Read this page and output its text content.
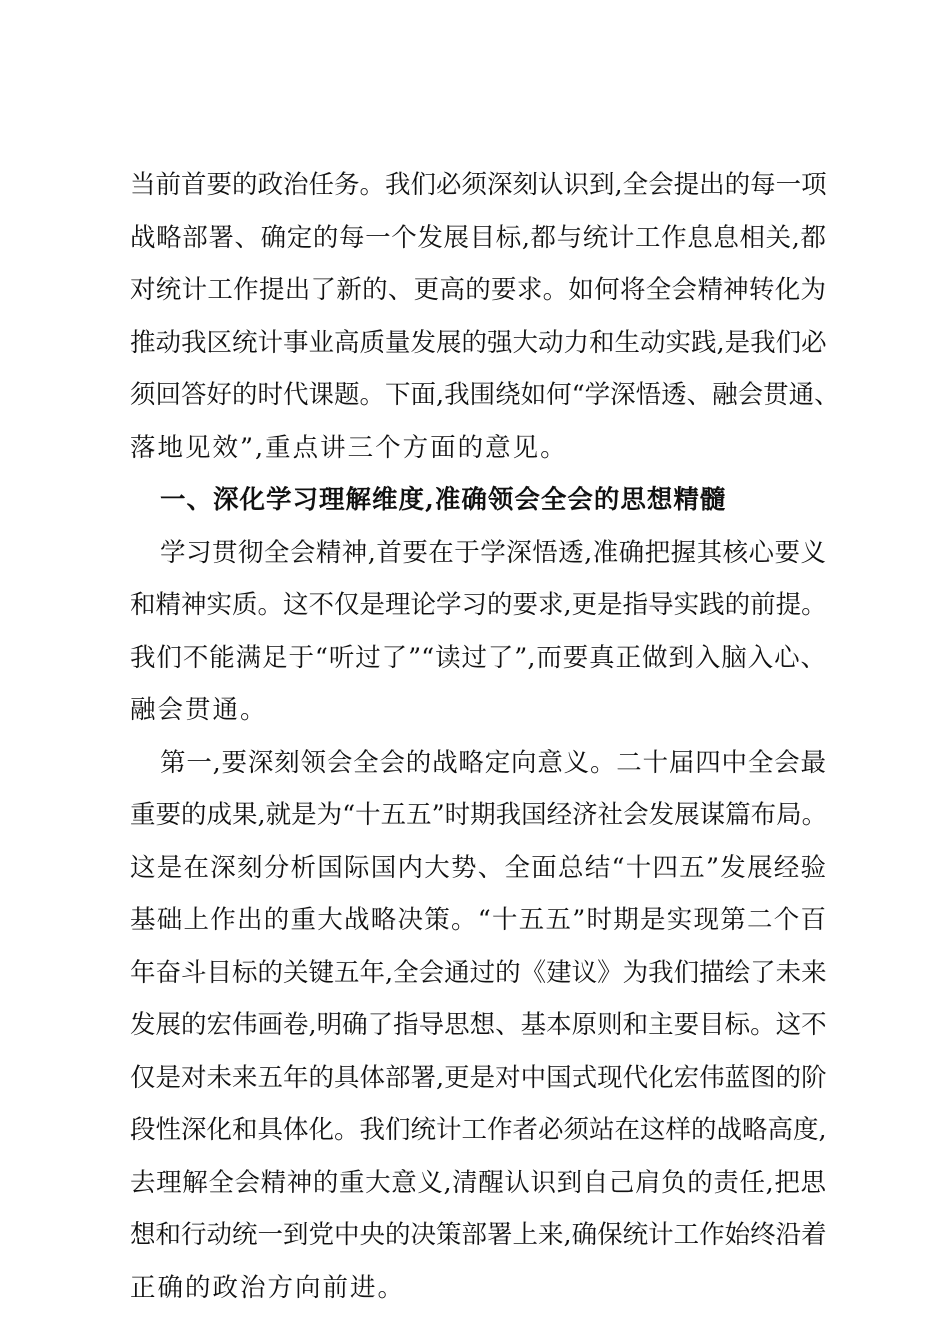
当前首要的政治任务。我们必须深刻认识到,全会提出的每一项
战略部署、确定的每一个发展目标,都与统计工作息息相关,都
对统计工作提出了新的、更高的要求。如何将全会精神转化为
推动我区统计事业高质量发展的强大动力和生动实践,是我们必
须回答好的时代课题。下面,我围绕如何“学深悟透、融会贯通、
落地见效”,重点讲三个方面的意见。
一、深化学习理解维度,准确领会全会的思想精髓
学习贯彻全会精神,首要在于学深悟透,准确把握其核心要义
和精神实质。这不仅是理论学习的要求,更是指导实践的前提。
我们不能满足于“听过了”“读过了”,而要真正做到入脑入心、
融会贯通。
第一,要深刻领会全会的战略定向意义。二十届四中全会最
重要的成果,就是为“十五五”时期我国经济社会发展谋篇布局。
这是在深刻分析国际国内大势、全面总结“十四五”发展经验
基础上作出的重大战略决策。“十五五”时期是实现第二个百
年奋斗目标的关键五年,全会通过的《建议》为我们描绘了未来
发展的宏伟画卷,明确了指导思想、基本原则和主要目标。这不
仅是对未来五年的具体部署,更是对中国式现代化宏伟蓝图的阶
段性深化和具体化。我们统计工作者必须站在这样的战略高度,
去理解全会精神的重大意义,清醒认识到自己肩负的责任,把思
想和行动统一到党中央的决策部署上来,确保统计工作始终沿着
正确的政治方向前进。
